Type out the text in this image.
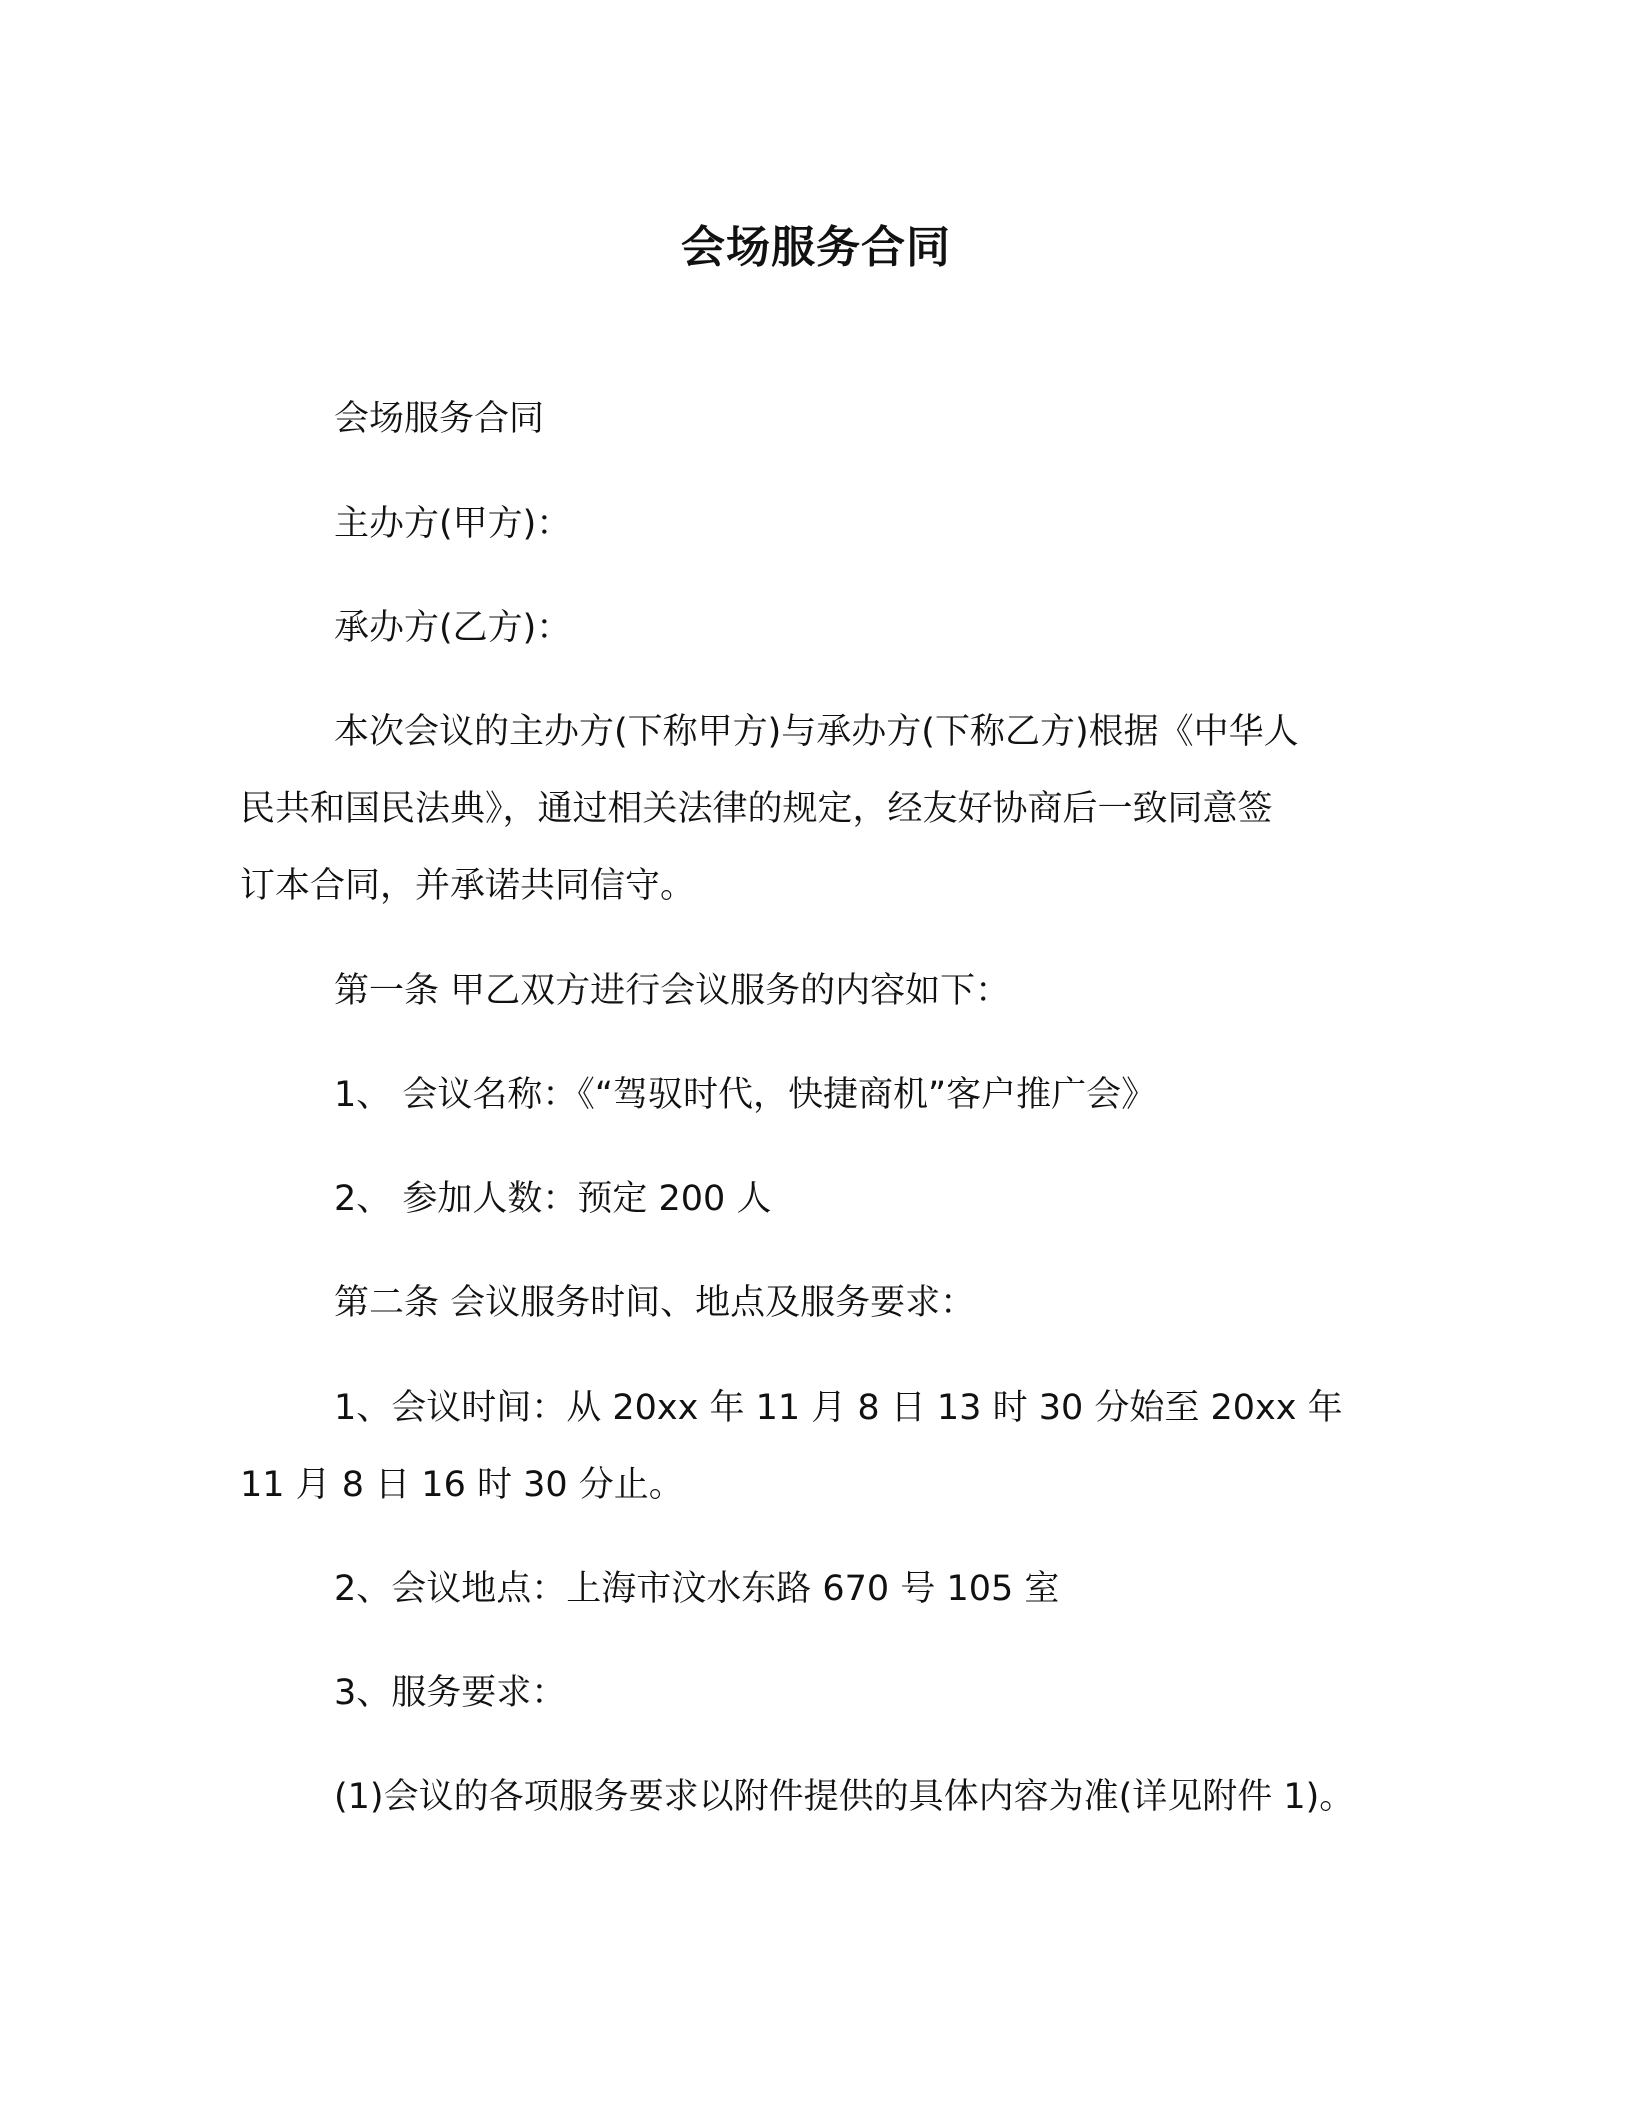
会场服务合同
会场服务合同
主办方(甲方)：
承办方(乙方)：
本次会议的主办方(下称甲方)与承办方(下称乙方)根据《中华人
民共和国民法典》，通过相关法律的规定，经友好协商后一致同意签
订本合同，并承诺共同信守。
第一条 甲乙双方进行会议服务的内容如下：
1、 会议名称：《“驾驭时代，快捷商机”客户推广会》
2、 参加人数：预定 200 人
第二条 会议服务时间、地点及服务要求：
1、会议时间：从 20xx 年 11 月 8 日 13 时 30 分始至 20xx 年
11 月 8 日 16 时 30 分止。
2、会议地点：上海市汶水东路 670 号 105 室
3、服务要求：
(1)会议的各项服务要求以附件提供的具体内容为准(详见附件 1)。
